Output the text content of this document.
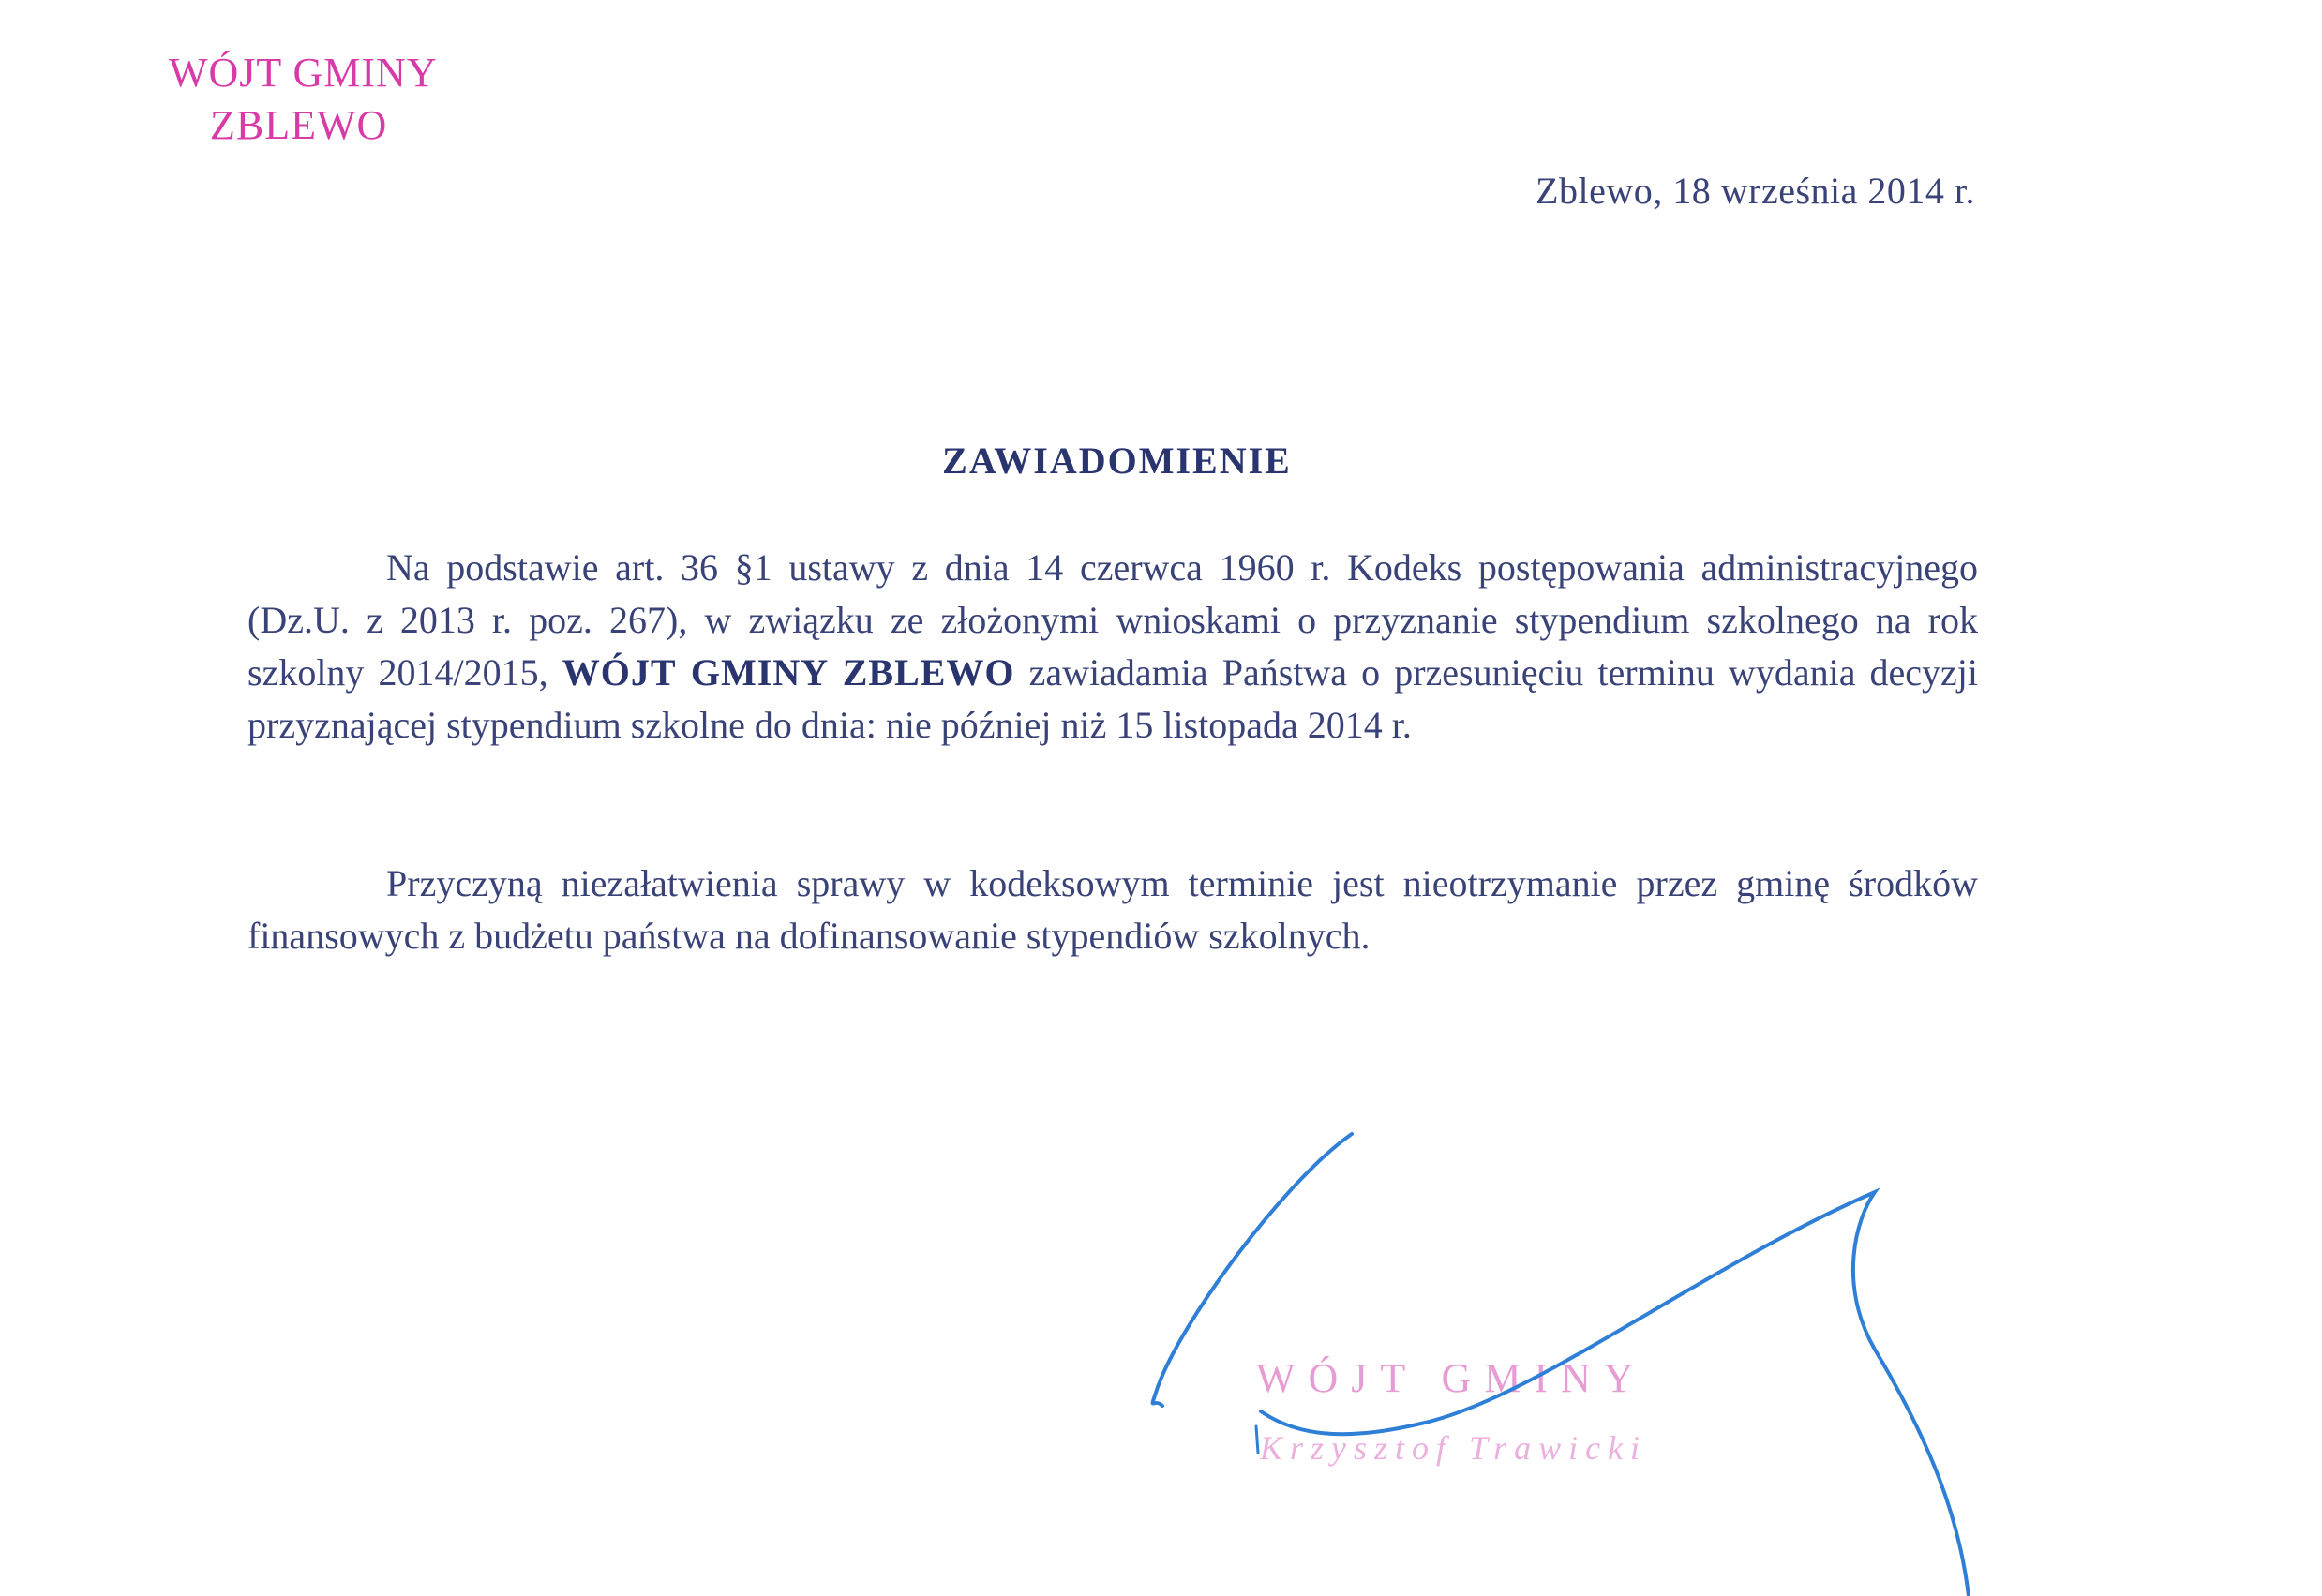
WÓJT GMINY
ZBLEWO
Zblewo, 18 września 2014 r.
ZAWIADOMIENIE
Na podstawie art. 36 §1 ustawy z dnia 14 czerwca 1960 r. Kodeks postępowania administracyjnego (Dz.U. z 2013 r. poz. 267), w związku ze złożonymi wnioskami o przyznanie stypendium szkolnego na rok szkolny 2014/2015, WÓJT GMINY ZBLEWO zawiadamia Państwa o przesunięciu terminu wydania decyzji przyznającej stypendium szkolne do dnia: nie później niż 15 listopada 2014 r.
Przyczyną niezałatwienia sprawy w kodeksowym terminie jest nieotrzymanie przez gminę środków finansowych z budżetu państwa na dofinansowanie stypendiów szkolnych.
WÓJT GMINY
Krzysztof Trawicki
